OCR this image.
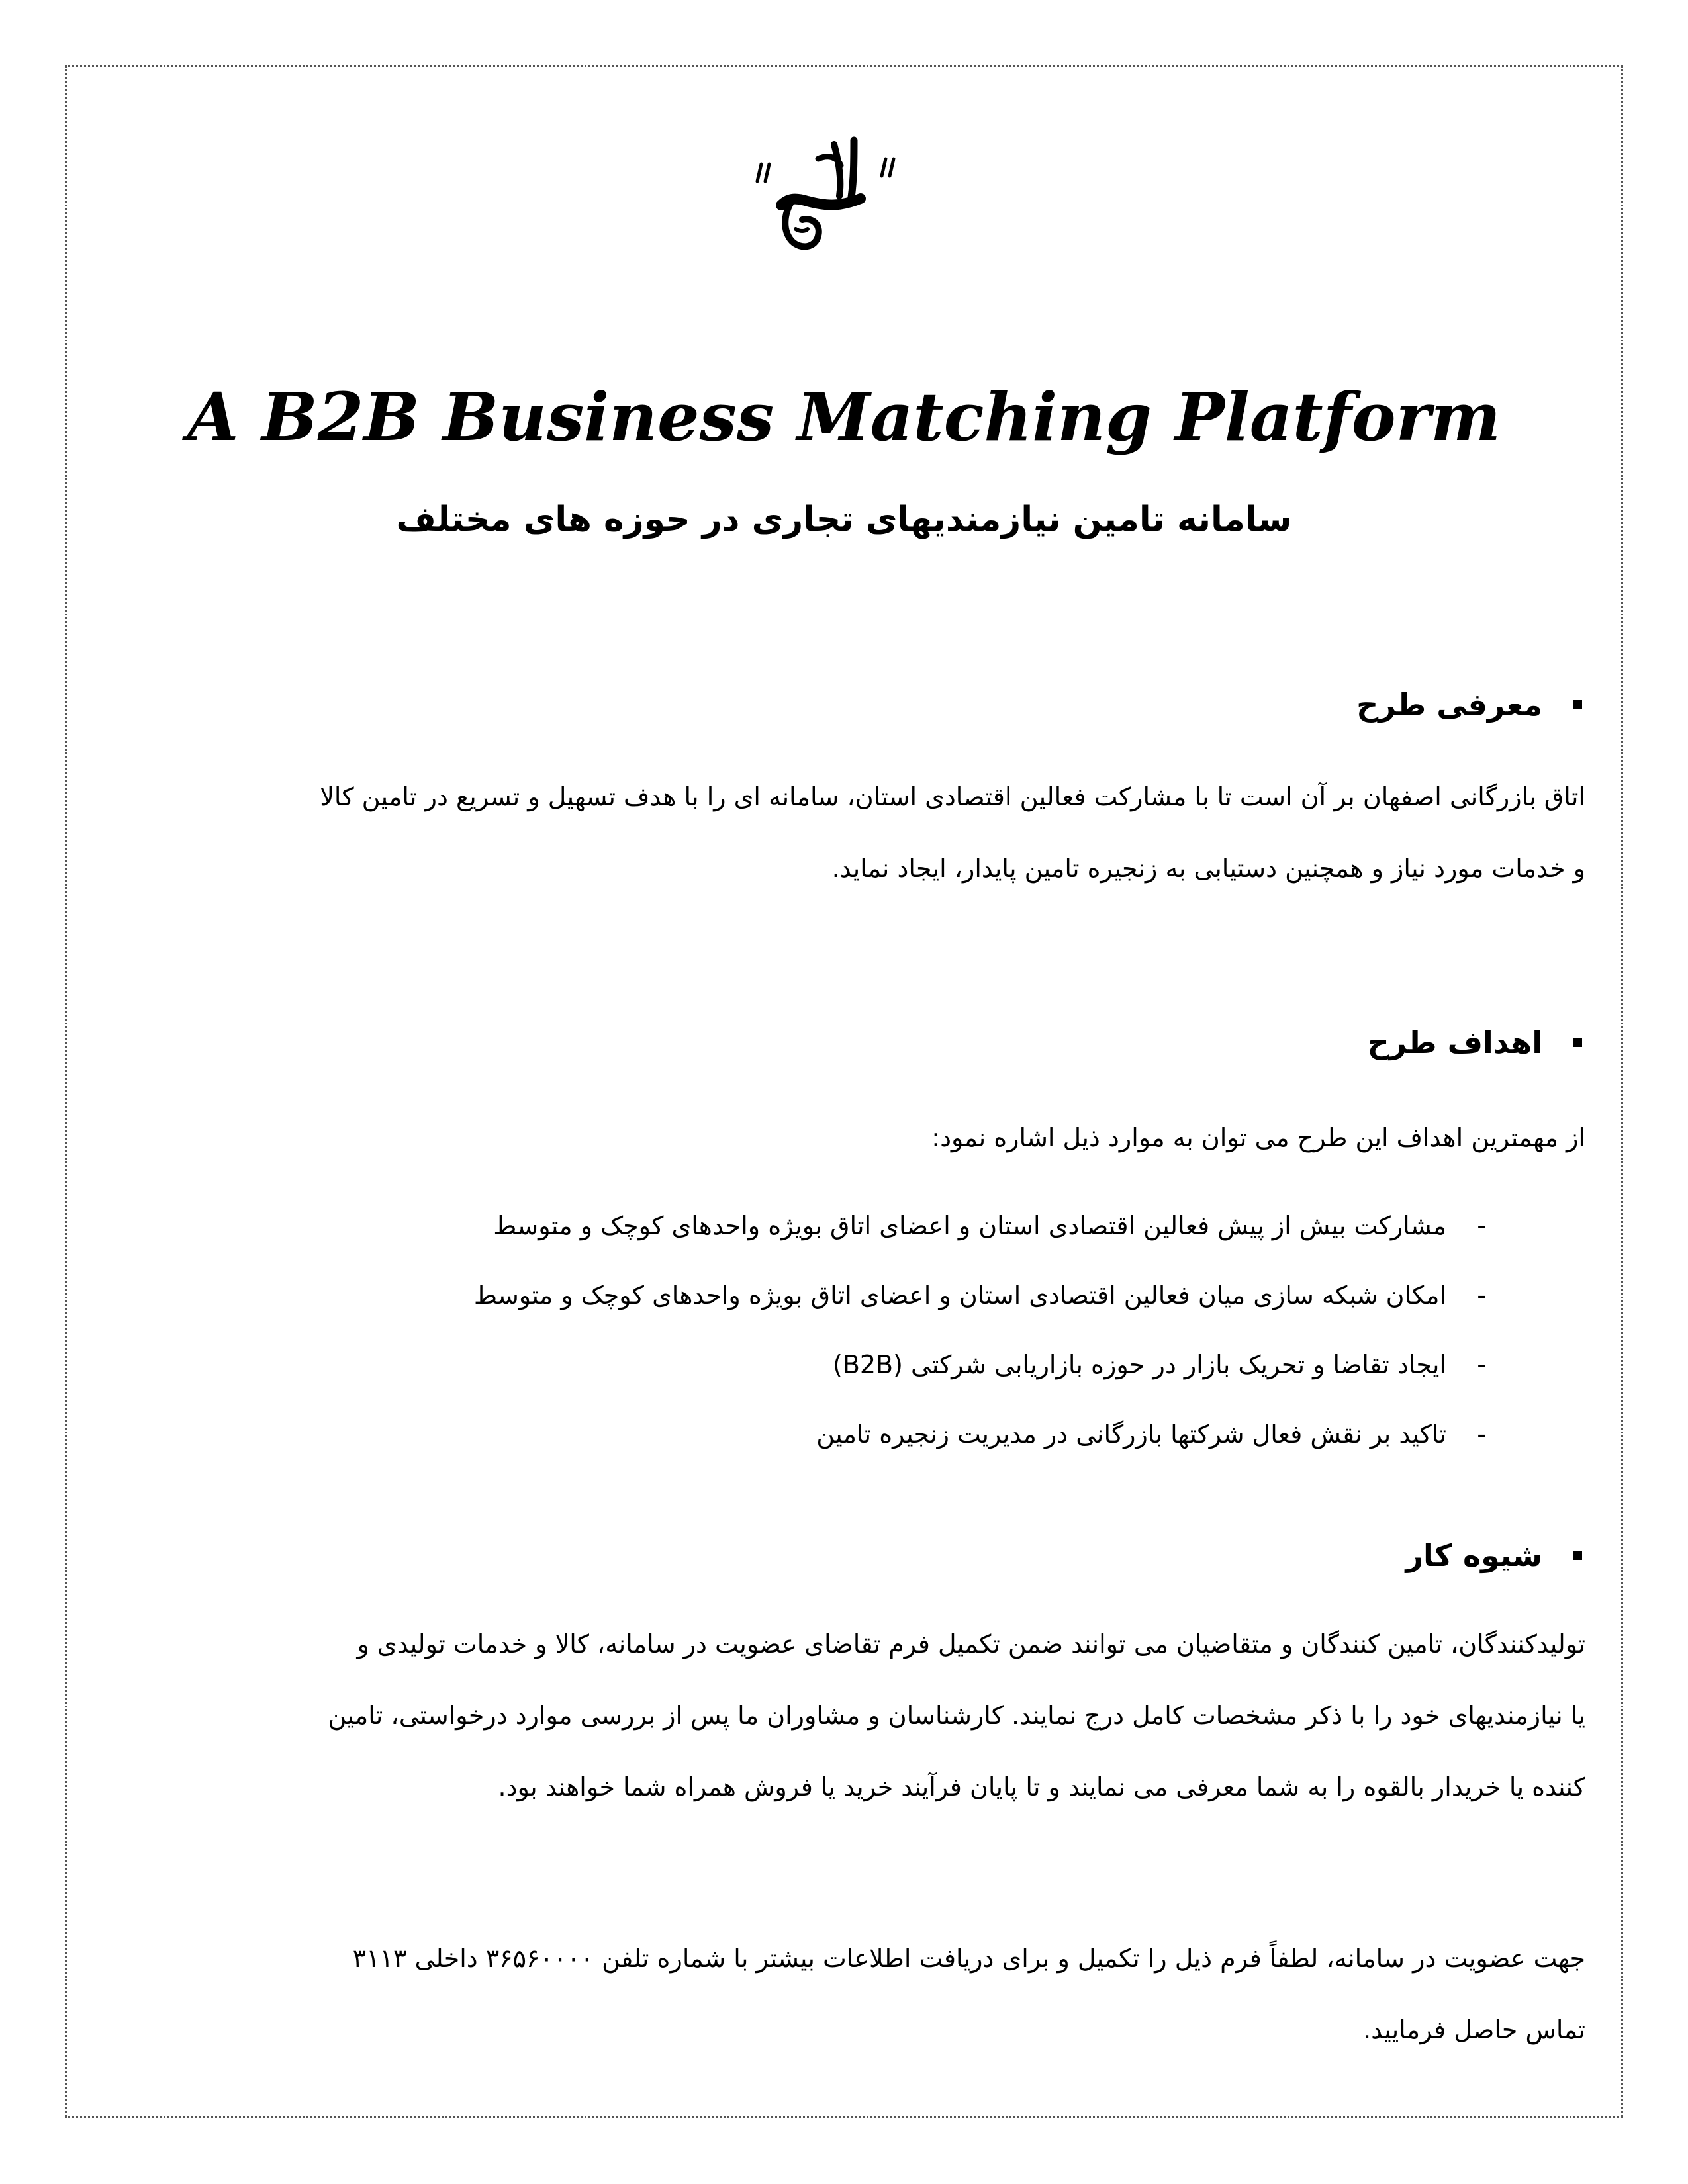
A B2B Business Matching Platform
سامانه تامین نیازمندیهای تجاری در حوزه های مختلف
معرفی طرح

اتاق بازرگانی اصفهان بر آن است تا با مشارکت فعالین اقتصادی استان، سامانه ای را با هدف تسهیل و تسریع در تامین کالا

و خدمات مورد نیاز و همچنین دستیابی به زنجیره تامین پایدار، ایجاد نماید.

اهداف طرح

از مهمترین اهداف این طرح می توان به موارد ذیل اشاره نمود:

-مشارکت بیش از پیش فعالین اقتصادی استان و اعضای اتاق بویژه واحدهای کوچک و متوسط
-امکان شبکه سازی میان فعالین اقتصادی استان و اعضای اتاق بویژه واحدهای کوچک و متوسط
-ایجاد تقاضا و تحریک بازار در حوزه بازاریابی شرکتی (B2B)
-تاکید بر نقش فعال شرکتها بازرگانی در مدیریت زنجیره تامین
شیوه کار

تولیدکنندگان، تامین کنندگان و متقاضیان می توانند ضمن تکمیل فرم تقاضای عضویت در سامانه، کالا و خدمات تولیدی و

یا نیازمندیهای خود را با ذکر مشخصات کامل درج نمایند. کارشناسان و مشاوران ما پس از بررسی موارد درخواستی، تامین

کننده یا خریدار بالقوه را به شما معرفی می نمایند و تا پایان فرآیند خرید یا فروش همراه شما خواهند بود.

جهت عضویت در سامانه، لطفاً فرم ذیل را تکمیل و برای دریافت اطلاعات بیشتر با شماره تلفن ۳۶۵۶۰۰۰۰ داخلی ۳۱۱۳

تماس حاصل فرمایید.
